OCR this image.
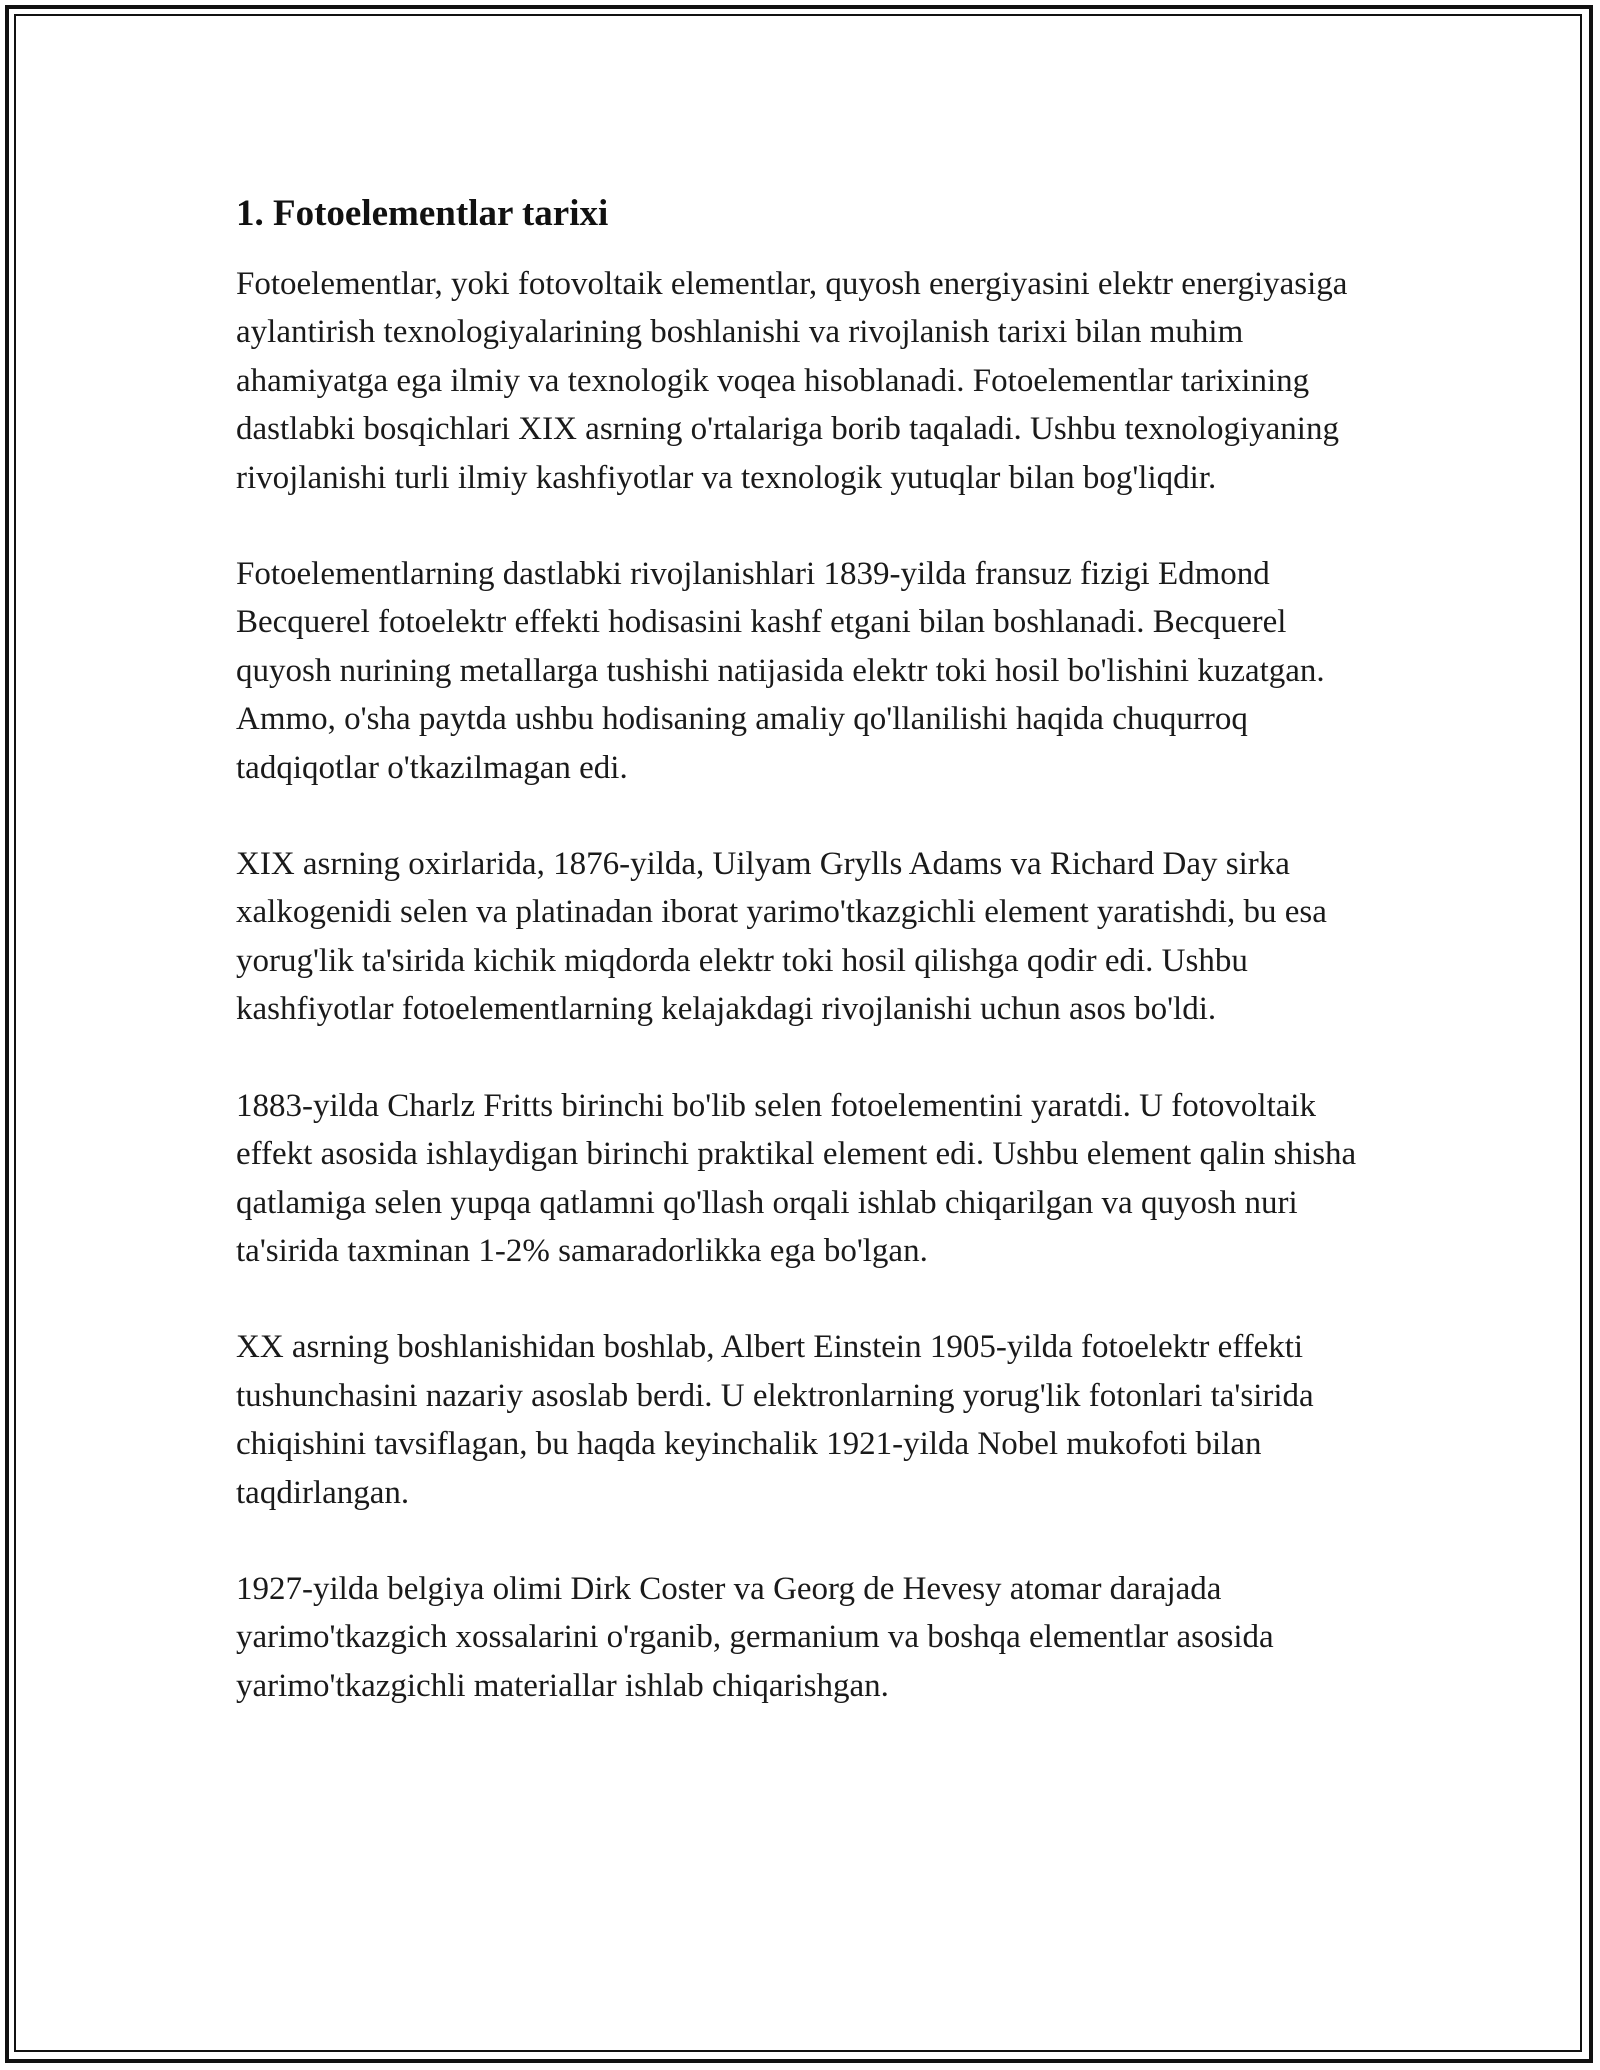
1. Fotoelementlar tarixi

Fotoelementlar, yoki fotovoltaik elementlar, quyosh energiyasini elektr energiyasiga aylantirish texnologiyalarining boshlanishi va rivojlanish tarixi bilan muhim ahamiyatga ega ilmiy va texnologik voqea hisoblanadi. Fotoelementlar tarixining dastlabki bosqichlari XIX asrning o'rtalariga borib taqaladi. Ushbu texnologiyaning rivojlanishi turli ilmiy kashfiyotlar va texnologik yutuqlar bilan bog'liqdir.

Fotoelementlarning dastlabki rivojlanishlari 1839-yilda fransuz fizigi Edmond Becquerel fotoelektr effekti hodisasini kashf etgani bilan boshlanadi. Becquerel quyosh nurining metallarga tushishi natijasida elektr toki hosil bo'lishini kuzatgan. Ammo, o'sha paytda ushbu hodisaning amaliy qo'llanilishi haqida chuqurroq tadqiqotlar o'tkazilmagan edi.

XIX asrning oxirlarida, 1876-yilda, Uilyam Grylls Adams va Richard Day sirka xalkogenidi selen va platinadan iborat yarimo'tkazgichli element yaratishdi, bu esa yorug'lik ta'sirida kichik miqdorda elektr toki hosil qilishga qodir edi. Ushbu kashfiyotlar fotoelementlarning kelajakdagi rivojlanishi uchun asos bo'ldi.

1883-yilda Charlz Fritts birinchi bo'lib selen fotoelementini yaratdi. U fotovoltaik effekt asosida ishlaydigan birinchi praktikal element edi. Ushbu element qalin shisha qatlamiga selen yupqa qatlamni qo'llash orqali ishlab chiqarilgan va quyosh nuri ta'sirida taxminan 1-2% samaradorlikka ega bo'lgan.

XX asrning boshlanishidan boshlab, Albert Einstein 1905-yilda fotoelektr effekti tushunchasini nazariy asoslab berdi. U elektronlarning yorug'lik fotonlari ta'sirida chiqishini tavsiflagan, bu haqda keyinchalik 1921-yilda Nobel mukofoti bilan taqdirlangan.

1927-yilda belgiya olimi Dirk Coster va Georg de Hevesy atomar darajada yarimo'tkazgich xossalarini o'rganib, germanium va boshqa elementlar asosida yarimo'tkazgichli materiallar ishlab chiqarishgan.
